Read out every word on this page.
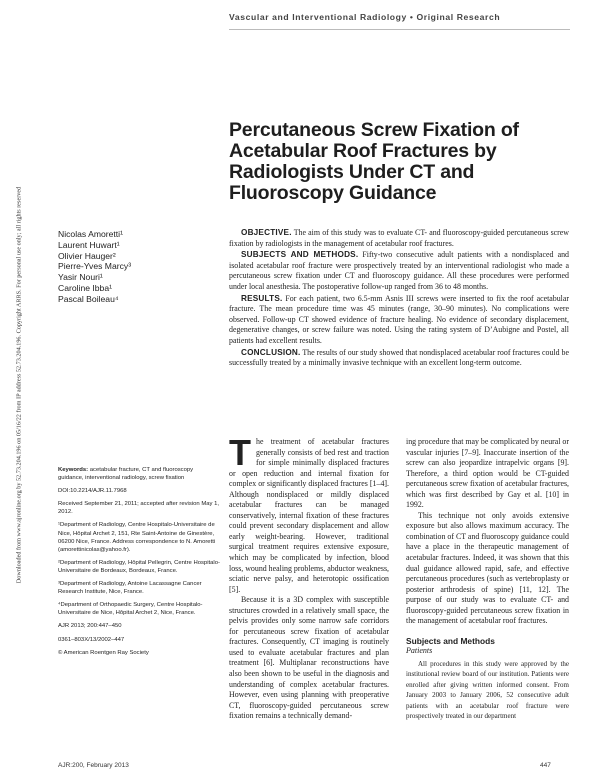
Downloaded from www.ajronline.org by 52.73.204.196 on 05/16/22 from IP address 52.73.204.196. Copyright ARRS. For personal use only; all rights reserved
Vascular and Interventional Radiology • Original Research
Percutaneous Screw Fixation of Acetabular Roof Fractures by Radiologists Under CT and Fluoroscopy Guidance
Nicolas Amoretti¹
Laurent Huwart¹
Olivier Hauger²
Pierre-Yves Marcy³
Yasir Nouri¹
Caroline Ibba¹
Pascal Boileau⁴

OBJECTIVE. The aim of this study was to evaluate CT- and fluoroscopy-guided percutaneous screw fixation by radiologists in the management of acetabular roof fractures.

SUBJECTS AND METHODS. Fifty-two consecutive adult patients with a nondisplaced and isolated acetabular roof fracture were prospectively treated by an interventional radiologist who made a percutaneous screw fixation under CT and fluoroscopy guidance. All these procedures were performed under local anesthesia. The postoperative follow-up ranged from 36 to 48 months.

RESULTS. For each patient, two 6.5-mm Asnis III screws were inserted to fix the roof acetabular fracture. The mean procedure time was 45 minutes (range, 30–90 minutes). No complications were observed. Follow-up CT showed evidence of fracture healing. No evidence of secondary displacement, degenerative changes, or screw failure was noted. Using the rating system of D’Aubigne and Postel, all patients had excellent results.

CONCLUSION. The results of our study showed that nondisplaced acetabular roof fractures could be successfully treated by a minimally invasive technique with an excellent long-term outcome.

Keywords: acetabular fracture, CT and fluoroscopy guidance, interventional radiology, screw fixation

DOI:10.2214/AJR.11.7968

Received September 21, 2011; accepted after revision May 1, 2012.

¹Department of Radiology, Centre Hospitalo-Universitaire de Nice, Hôpital Archet 2, 151, Rte Saint-Antoine de Ginestère, 06200 Nice, France. Address correspondence to N. Amoretti (amorettinicolas@yahoo.fr).

²Department of Radiology, Hôpital Pellegrin, Centre Hospitalo-Universitaire de Bordeaux, Bordeaux, France.

³Department of Radiology, Antoine Lacassagne Cancer Research Institute, Nice, France.

⁴Department of Orthopaedic Surgery, Centre Hospitalo-Universitaire de Nice, Hôpital Archet 2, Nice, France.

AJR 2013; 200:447–450

0361–803X/13/2002–447

© American Roentgen Ray Society

The treatment of acetabular fractures generally consists of bed rest and traction for simple minimally displaced fractures or open reduction and internal fixation for complex or significantly displaced fractures [1–4]. Although nondisplaced or mildly displaced acetabular fractures can be managed conservatively, internal fixation of these fractures could prevent secondary displacement and allow early weight-bearing. However, traditional surgical treatment requires extensive exposure, which may be complicated by infection, blood loss, wound healing problems, abductor weakness, sciatic nerve palsy, and heterotopic ossification [5].

Because it is a 3D complex with susceptible structures crowded in a relatively small space, the pelvis provides only some narrow safe corridors for percutaneous screw fixation of acetabular fractures. Consequently, CT imaging is routinely used to evaluate acetabular fractures and plan treatment [6]. Multiplanar reconstructions have also been shown to be useful in the diagnosis and understanding of complex acetabular fractures. However, even using planning with preoperative CT, fluoroscopy-guided percutaneous screw fixation remains a technically demand-

ing procedure that may be complicated by neural or vascular injuries [7–9]. Inaccurate insertion of the screw can also jeopardize intrapelvic organs [9]. Therefore, a third option would be CT-guided percutaneous screw fixation of acetabular fractures, which was first described by Gay et al. [10] in 1992.

This technique not only avoids extensive exposure but also allows maximum accuracy. The combination of CT and fluoroscopy guidance could have a place in the therapeutic management of acetabular fractures. Indeed, it was shown that this dual guidance allowed rapid, safe, and effective percutaneous procedures (such as vertebroplasty or posterior arthrodesis of spine) [11, 12]. The purpose of our study was to evaluate CT- and fluoroscopy-guided percutaneous screw fixation in the management of acetabular roof fractures.

Subjects and Methods

Patients

All procedures in this study were approved by the institutional review board of our institution. Patients were enrolled after giving written informed consent. From January 2003 to January 2006, 52 consecutive adult patients with an acetabular roof fracture were prospectively treated in our department

AJR:200, February 2013	447
